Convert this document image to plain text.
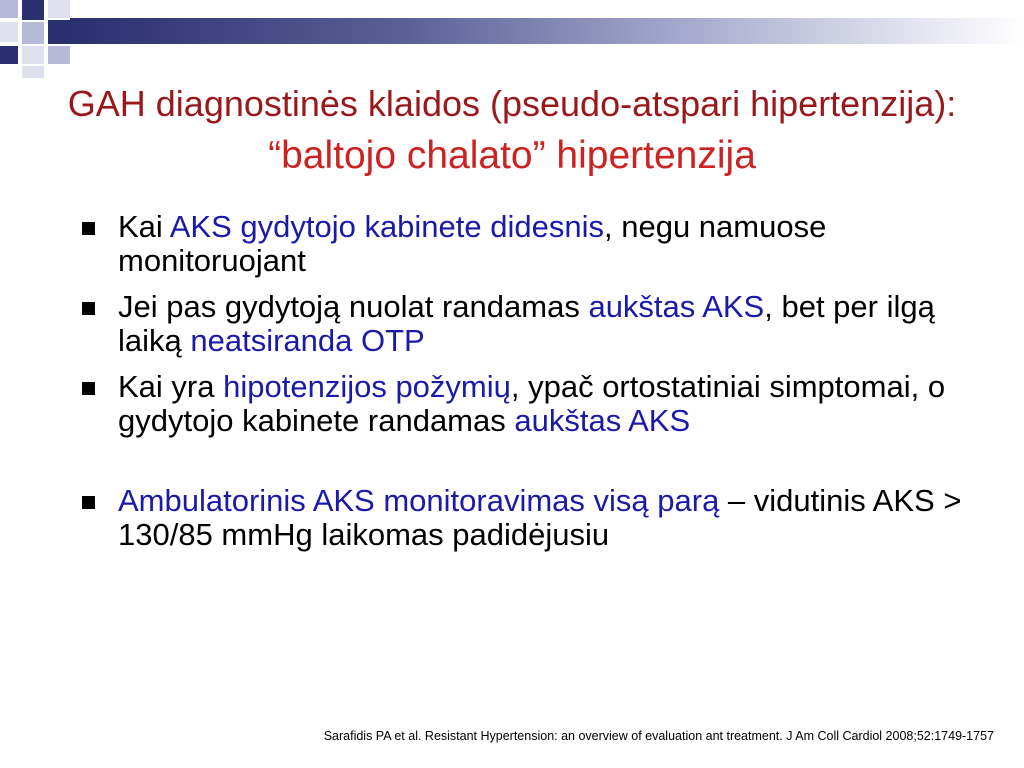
GAH diagnostinės klaidos (pseudo-atspari hipertenzija): “baltojo chalato” hipertenzija
Kai AKS gydytojo kabinete didesnis, negu namuose monitoruojant
Jei pas gydytoją nuolat randamas aukštas AKS, bet per ilgą laiką neatsiranda OTP
Kai yra hipotenzijos požymių, ypač ortostatiniai simptomai, o gydytojo kabinete randamas aukštas AKS
Ambulatorinis AKS monitoravimas visą parą – vidutinis AKS > 130/85 mmHg laikomas padidėjusiu
Sarafidis PA et al. Resistant Hypertension: an overview of evaluation ant treatment. J Am Coll Cardiol 2008;52:1749-1757
